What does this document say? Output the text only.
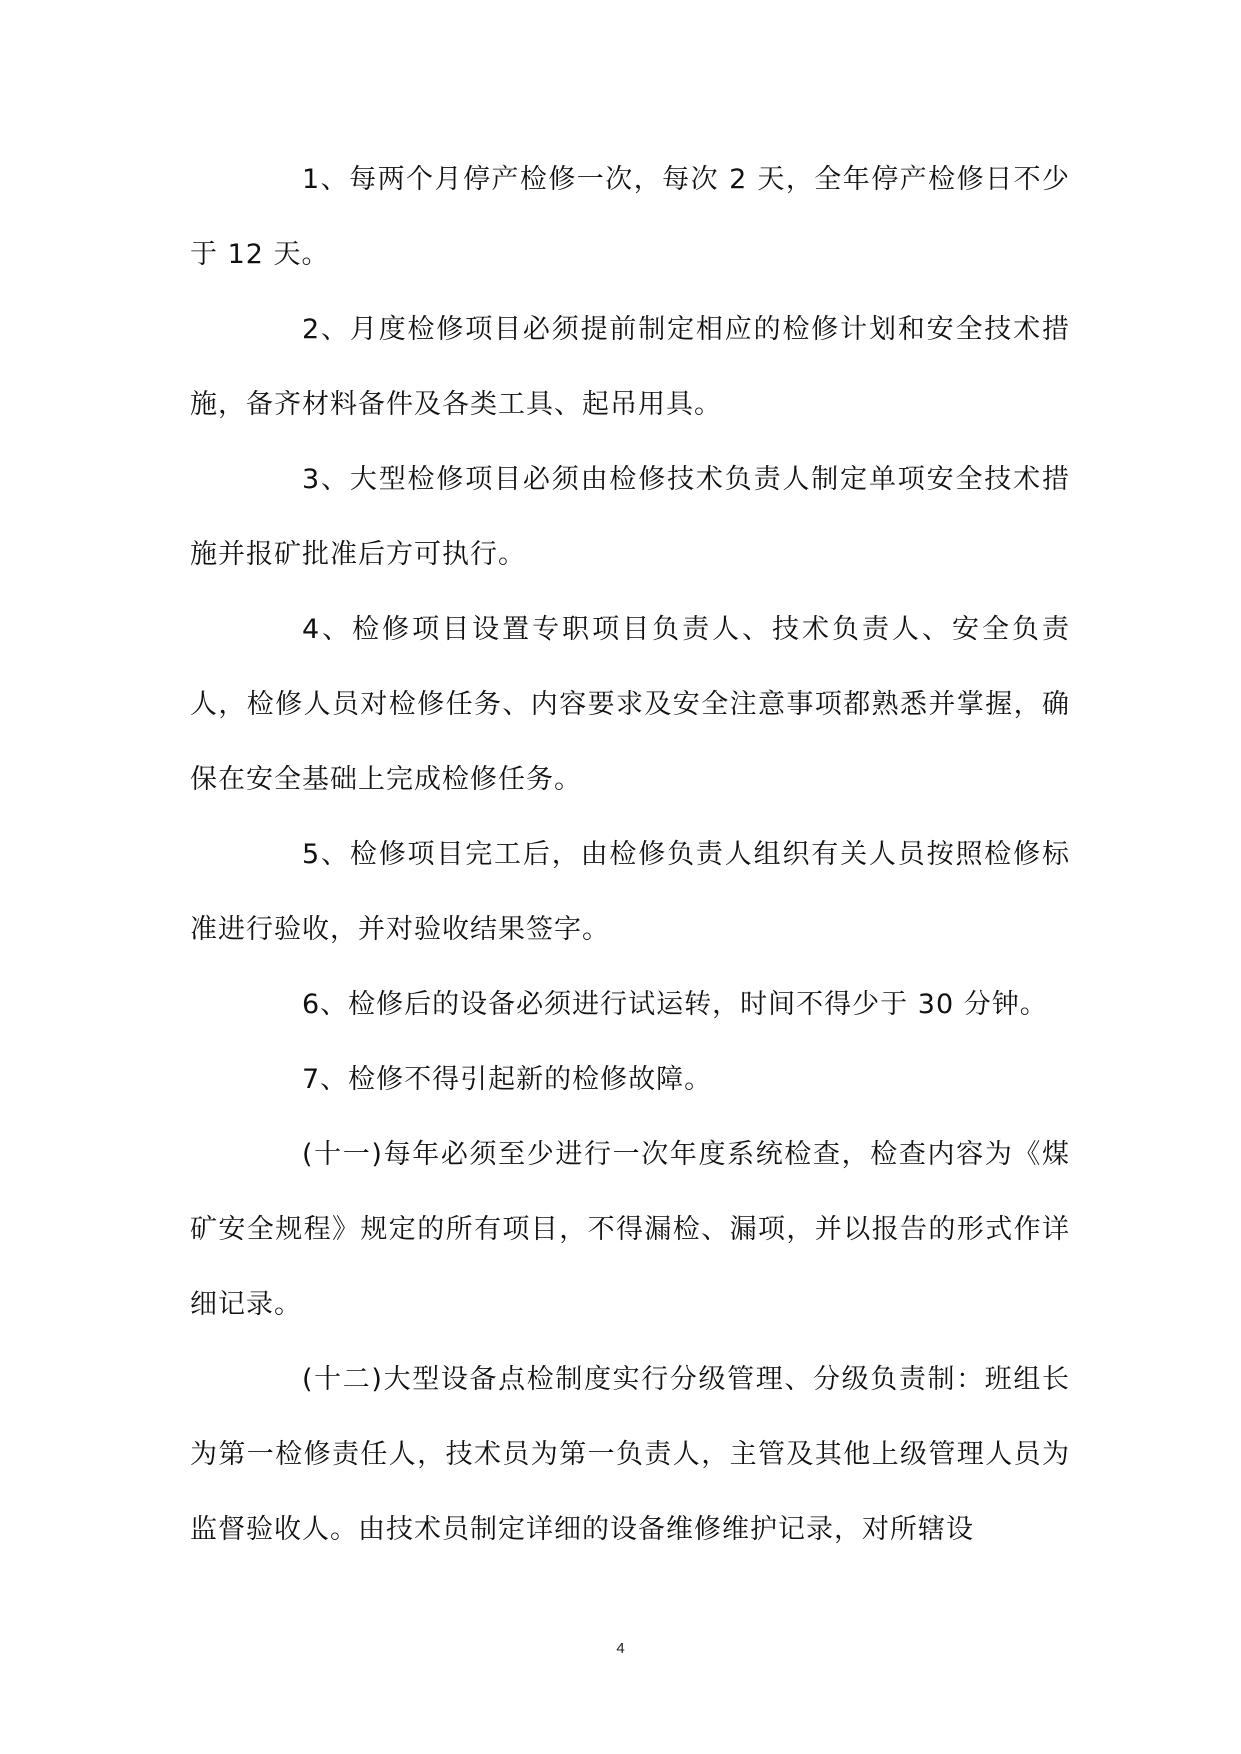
1、每两个月停产检修一次，每次 2 天，全年停产检修日不少于 12 天。

2、月度检修项目必须提前制定相应的检修计划和安全技术措施，备齐材料备件及各类工具、起吊用具。

3、大型检修项目必须由检修技术负责人制定单项安全技术措施并报矿批准后方可执行。

4、检修项目设置专职项目负责人、技术负责人、安全负责人，检修人员对检修任务、内容要求及安全注意事项都熟悉并掌握，确保在安全基础上完成检修任务。

5、检修项目完工后，由检修负责人组织有关人员按照检修标准进行验收，并对验收结果签字。

6、检修后的设备必须进行试运转，时间不得少于 30 分钟。

7、检修不得引起新的检修故障。

(十一)每年必须至少进行一次年度系统检查，检查内容为《煤矿安全规程》规定的所有项目，不得漏检、漏项，并以报告的形式作详细记录。

(十二)大型设备点检制度实行分级管理、分级负责制：班组长为第一检修责任人，技术员为第一负责人，主管及其他上级管理人员为监督验收人。由技术员制定详细的设备维修维护记录，对所辖设

4
